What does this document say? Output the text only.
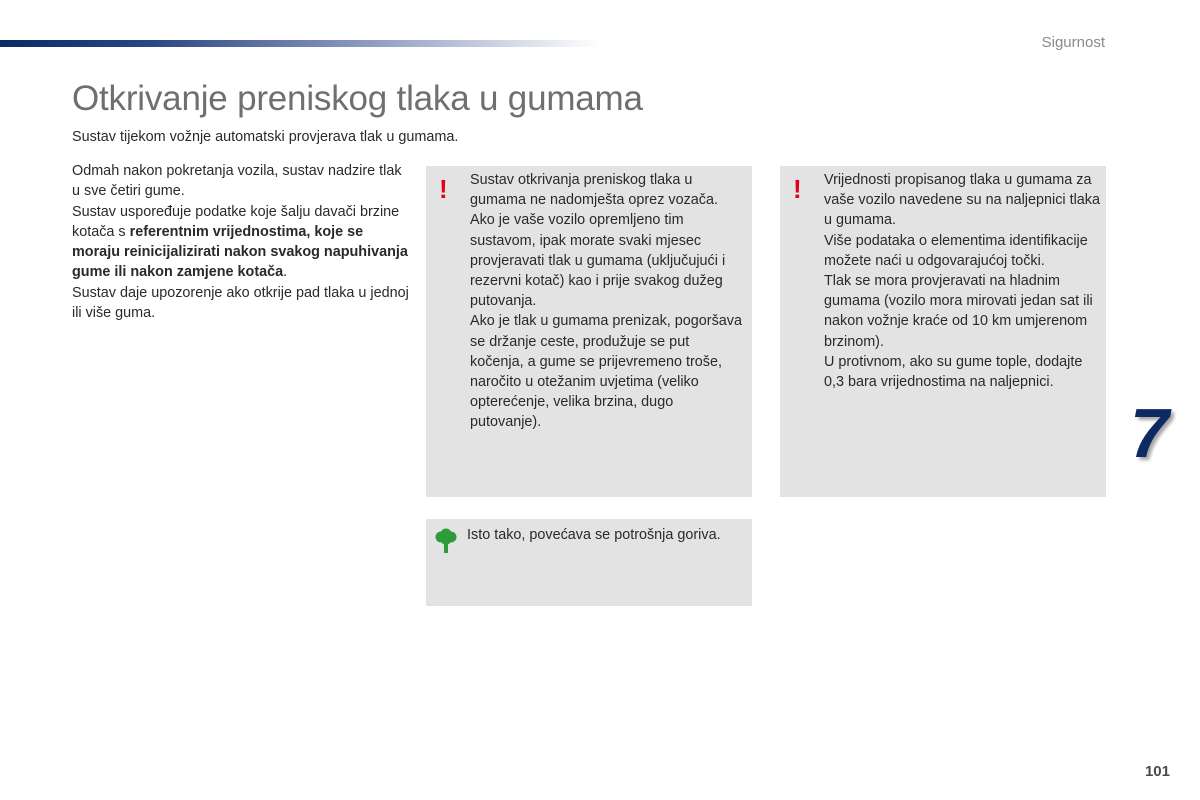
Sigurnost
Otkrivanje preniskog tlaka u gumama
Sustav tijekom vožnje automatski provjerava tlak u gumama.

Odmah nakon pokretanja vozila, sustav nadzire tlak u sve četiri gume.

Sustav uspoređuje podatke koje šalju davači brzine kotača s referentnim vrijednostima, koje se moraju reinicijalizirati nakon svakog napuhivanja gume ili nakon zamjene kotača.

Sustav daje upozorenje ako otkrije pad tlaka u jednoj ili više guma.

! Sustav otkrivanja preniskog tlaka u gumama ne nadomješta oprez vozača.

Ako je vaše vozilo opremljeno tim sustavom, ipak morate svaki mjesec provjeravati tlak u gumama (uključujući i rezervni kotač) kao i prije svakog dužeg putovanja.

Ako je tlak u gumama prenizak, pogoršava se držanje ceste, produžuje se put kočenja, a gume se prijevremeno troše, naročito u otežanim uvjetima (veliko opterećenje, velika brzina, dugo putovanje).

! Vrijednosti propisanog tlaka u gumama za vaše vozilo navedene su na naljepnici tlaka u gumama.

Više podataka o elementima identifikacije možete naći u odgovarajućoj točki.

Tlak se mora provjeravati na hladnim gumama (vozilo mora mirovati jedan sat ili nakon vožnje kraće od 10 km umjerenom brzinom).

U protivnom, ako su gume tople, dodajte 0,3 bara vrijednostima na naljepnici.

Isto tako, povećava se potrošnja goriva.
7
101
